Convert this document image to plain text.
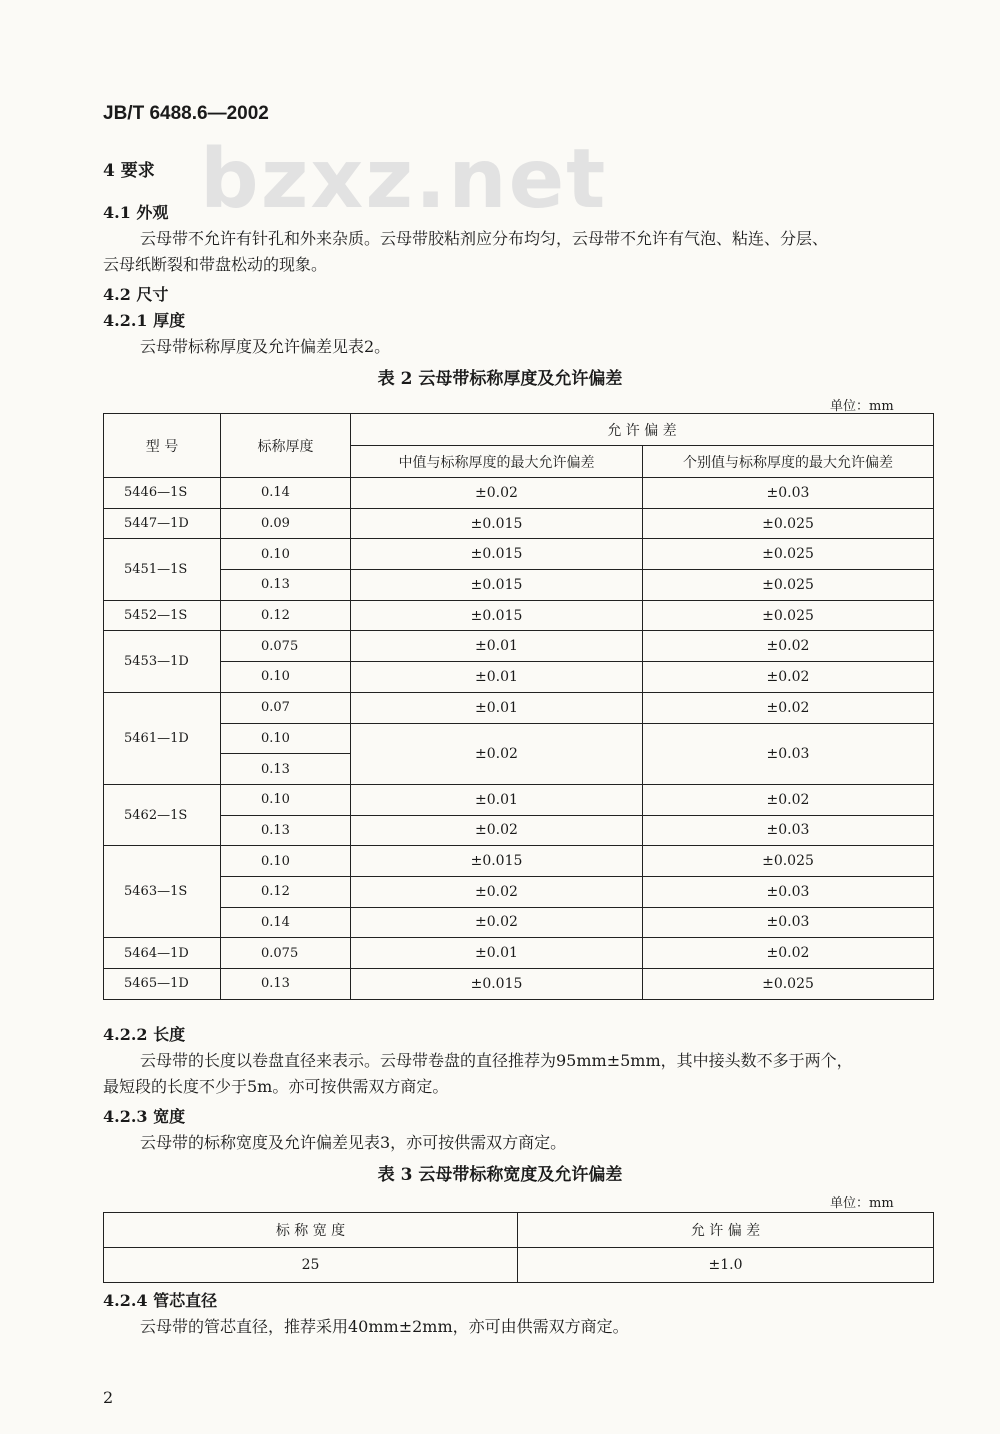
JB/T 6488.6—2002
bzxz.net
4 要求
4.1 外观
云母带不允许有针孔和外来杂质。云母带胶粘剂应分布均匀，云母带不允许有气泡、粘连、分层、
云母纸断裂和带盘松动的现象。
4.2 尺寸
4.2.1 厚度
云母带标称厚度及允许偏差见表2。
表 2 云母带标称厚度及允许偏差
单位：mm
型 号	标称厚度	允 许 偏 差	
		中值与标称厚度的最大允许偏差	个别值与标称厚度的最大允许偏差
5446—1S	0.14	±0.02	±0.03
5447—1D	0.09	±0.015	±0.025
5451—1S	0.10	±0.015	±0.025
	0.13	±0.015	±0.025
5452—1S	0.12	±0.015	±0.025
5453—1D	0.075	±0.01	±0.02
	0.10	±0.01	±0.02
5461—1D	0.07	±0.01	±0.02
	0.10	±0.02	±0.03
	0.13		
5462—1S	0.10	±0.01	±0.02
	0.13	±0.02	±0.03
5463—1S	0.10	±0.015	±0.025
	0.12	±0.02	±0.03
	0.14	±0.02	±0.03
5464—1D	0.075	±0.01	±0.02
5465—1D	0.13	±0.015	±0.025
4.2.2 长度
云母带的长度以卷盘直径来表示。云母带卷盘的直径推荐为95mm±5mm，其中接头数不多于两个，
最短段的长度不少于5m。亦可按供需双方商定。
4.2.3 宽度
云母带的标称宽度及允许偏差见表3，亦可按供需双方商定。
表 3 云母带标称宽度及允许偏差
单位：mm
标 称 宽 度	允 许 偏 差
25	±1.0
4.2.4 管芯直径
云母带的管芯直径，推荐采用40mm±2mm，亦可由供需双方商定。
2
